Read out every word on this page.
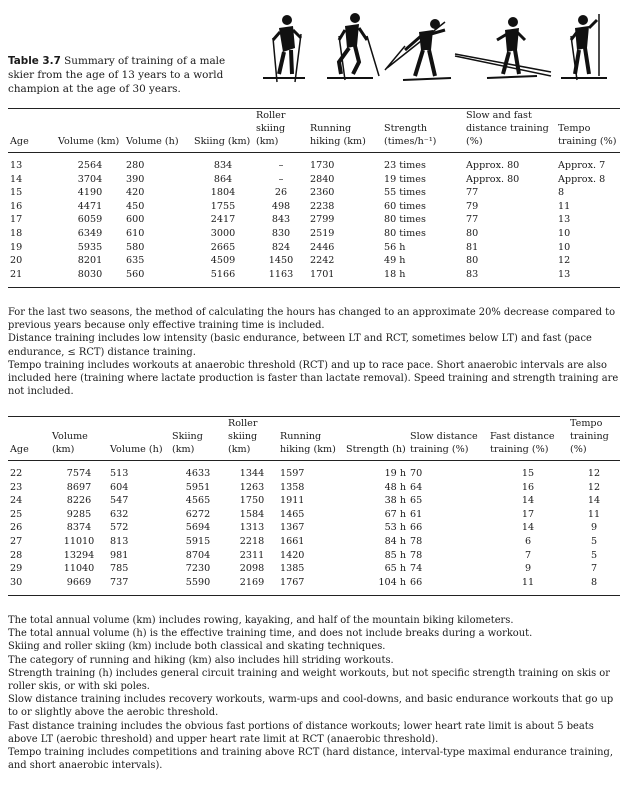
Table 3.7 Summary of training of a male skier from the age of 13 years to a world champion at the age of 30 years.
Age	Volume (km)	Volume (h)	Skiing (km)	Roller skiing (km)	Running hiking (km)	Strength (times/h⁻¹)	Slow and fast distance training (%)	Tempo training (%)
13	2564	280	834	–	1730	23 times	Approx. 80	Approx. 7
14	3704	390	864	–	2840	19 times	Approx. 80	Approx. 8
15	4190	420	1804	26	2360	55 times	77	8
16	4471	450	1755	498	2238	60 times	79	11
17	6059	600	2417	843	2799	80 times	77	13
18	6349	610	3000	830	2519	80 times	80	10
19	5935	580	2665	824	2446	56 h	81	10
20	8201	635	4509	1450	2242	49 h	80	12
21	8030	560	5166	1163	1701	18 h	83	13

For the last two seasons, the method of calculating the hours has changed to an approximate 20% decrease compared to previous years because only effective training time is included.

Distance training includes low intensity (basic endurance, between LT and RCT, sometimes below LT) and fast (pace endurance, ≤ RCT) distance training.

Tempo training includes workouts at anaerobic threshold (RCT) and up to race pace. Short anaerobic intervals are also included here (training where lactate production is faster than lactate removal). Speed training and strength training are not included.

Age	Volume (km)	Volume (h)	Skiing (km)	Roller skiing (km)	Running hiking (km)	Strength (h)	Slow distance training (%)	Fast distance training (%)	Tempo training (%)
22	7574	513	4633	1344	1597	19 h	70	15	12
23	8697	604	5951	1263	1358	48 h	64	16	12
24	8226	547	4565	1750	1911	38 h	65	14	14
25	9285	632	6272	1584	1465	67 h	61	17	11
26	8374	572	5694	1313	1367	53 h	66	14	9
27	11010	813	5915	2218	1661	84 h	78	6	5
28	13294	981	8704	2311	1420	85 h	78	7	5
29	11040	785	7230	2098	1385	65 h	74	9	7
30	9669	737	5590	2169	1767	104 h	66	11	8

The total annual volume (km) includes rowing, kayaking, and half of the mountain biking kilometers.

The total annual volume (h) is the effective training time, and does not include breaks during a workout.

Skiing and roller skiing (km) include both classical and skating techniques.

The category of running and hiking (km) also includes hill striding workouts.

Strength training (h) includes general circuit training and weight workouts, but not specific strength training on skis or roller skis, or with ski poles.

Slow distance training includes recovery workouts, warm-ups and cool-downs, and basic endurance workouts that go up to or slightly above the aerobic threshold.

Fast distance training includes the obvious fast portions of distance workouts; lower heart rate limit is about 5 beats above LT (aerobic threshold) and upper heart rate limit at RCT (anaerobic threshold).

Tempo training includes competitions and training above RCT (hard distance, interval-type maximal endurance training, and short anaerobic intervals).
